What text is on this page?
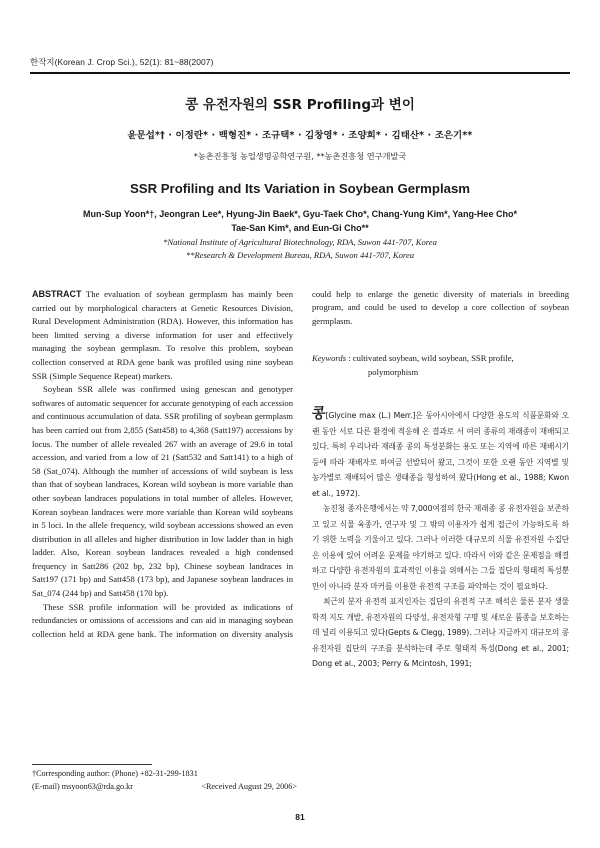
한작지(Korean J. Crop Sci.), 52(1): 81~88(2007)
콩 유전자원의 SSR Profiling과 변이
윤문섭*† · 이정란* · 백형진* · 조규택* · 김창영* · 조양희* · 김태산* · 조은기**
*농촌진흥청 농업생명공학연구원, **농촌진흥청 연구개발국
SSR Profiling and Its Variation in Soybean Germplasm
Mun-Sup Yoon*†, Jeongran Lee*, Hyung-Jin Baek*, Gyu-Taek Cho*, Chang-Yung Kim*, Yang-Hee Cho*
Tae-San Kim*, and Eun-Gi Cho**
*National Institute of Agricultural Biotechnology, RDA, Suwon 441-707, Korea
**Research & Development Bureau, RDA, Suwon 441-707, Korea

ABSTRACT The evaluation of soybean germplasm has mainly been carried out by morphological characters at Genetic Resources Division, Rural Development Administration (RDA). However, this information has been limited serving a diverse information for user and effectively managing the soybean germplasm. To resolve this problem, soybean collection conserved at RDA gene bank was profiled using nine soybean SSR (Simple Sequence Repeat) markers.

Soybean SSR allele was confirmed using genescan and genotyper softwares of automatic sequencer for accurate genotyping of each accession and continuous accumulation of data. SSR profiling of soybean germplasm has been carried out from 2,855 (Satt458) to 4,368 (Satt197) accessions by locus. The number of allele revealed 267 with an average of 29.6 in total accession, and varied from a low of 21 (Satt532 and Satt141) to a high of 58 (Sat_074). Although the number of accessions of wild soybean is less than that of soybean landraces, Korean wild soybean is more variable than other soybean landraces populations in total number of alleles. However, Korean soybean landraces were more variable than Korean wild soybeans in 5 loci. In the allele frequency, wild soybean accessions showed an even distribution in all alleles and higher distribution in low ladder than in high ladder. Also, Korean soybean landraces revealed a high condensed frequency in Satt286 (202 bp, 232 bp), Chinese soybean landraces in Satt197 (171 bp) and Satt458 (173 bp), and Japanese soybean landraces in Sat_074 (244 bp) and Satt458 (170 bp).

These SSR profile information will be provided as indications of redundancies or omissions of accessions and can aid in managing soybean collection held at RDA gene bank. The information on diversity analysis

could help to enlarge the genetic diversity of materials in breeding program, and could be used to develop a core collection of soybean germplasm.

Keywords : cultivated soybean, wild soybean, SSR profile,
polymorphism

콩[Glycine max (L.) Merr.]은 동아시아에서 다양한 용도의 식품문화와 오랜 동안 서로 다른 환경에 적응해 온 결과로 서 여러 종류의 재래종이 재배되고 있다. 특히 우리나라 재래종 콩의 특성분화는 용도 또는 지역에 따른 재배시기 등에 따라 재배자로 하여금 선발되어 왔고, 그것이 또한 오랜 동안 지역별 및 농가별로 재배되어 많은 생태종을 형성하여 왔다(Hong et al., 1988; Kwon et al., 1972).

농진청 종자은행에서는 약 7,000여점의 한국 재래종 콩 유전자원을 보존하고 있고 식물 육종가, 연구자 및 그 밖의 이용자가 쉽게 접근이 가능하도록 하기 위한 노력을 기울이고 있다. 그러나 이러한 대규모의 식물 유전자원 수집단은 이용에 있어 어려운 문제를 야기하고 있다. 따라서 이와 같은 문제점을 해결하고 다양한 유전자원의 효과적인 이용을 위해서는 그들 집단의 형태적 특성뿐만이 아니라 분자 마커를 이용한 유전적 구조를 파악하는 것이 필요하다.

최근의 분자 유전적 표지인자는 집단의 유전적 구조 해석은 물론 분자 생물학적 지도 개발, 유전자원의 다양성, 유전자형 구명 및 새로운 품종을 보호하는데 널리 이용되고 있다(Gepts & Clegg, 1989). 그러나 지금까지 대규모의 콩 유전자원 집단의 구조를 분석하는데 주로 형태적 특성(Dong et al., 2001; Dong et al., 2003; Perry & Mcintosh, 1991;

†Corresponding author: (Phone) +82-31-299-1831
(E-mail) msyoon63@rda.go.kr	<Received August 29, 2006>
81
